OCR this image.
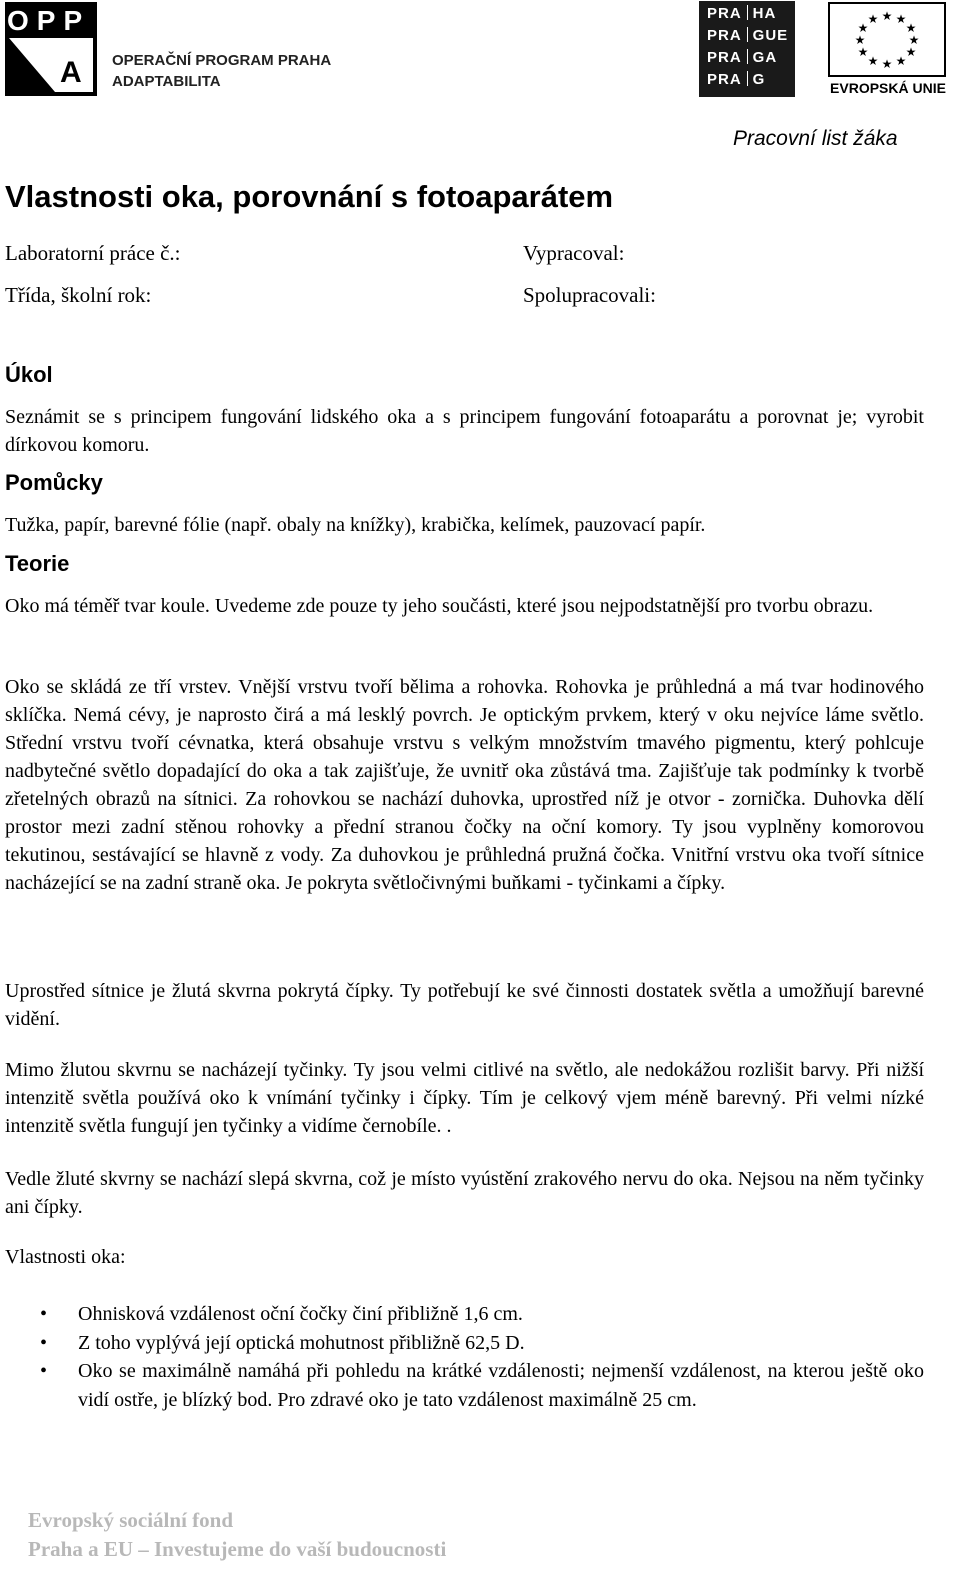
OPP
A OPERAČNÍ PROGRAM PRAHA
ADAPTABILITA
PRA HA
PRA GUE
PRA GA
PRA G
★ ★
★
★
★
★
★
★
★
★
★
★
EVROPSKÁ UNIE
Pracovní list žáka
Vlastnosti oka, porovnání s fotoaparátem
Laboratorní práce č.:
Třída, školní rok:
Vypracoval:
Spolupracovali:
Úkol
Seznámit se s principem fungování lidského oka a s principem fungování fotoaparátu a porovnat je; vyrobit dírkovou komoru.
Pomůcky
Tužka, papír, barevné fólie (např. obaly na knížky), krabička, kelímek, pauzovací papír.
Teorie
Oko má téměř tvar koule. Uvedeme zde pouze ty jeho součásti, které jsou nejpodstatnější pro tvorbu obrazu.
Oko se skládá ze tří vrstev. Vnější vrstvu tvoří bělima a rohovka. Rohovka je průhledná a má tvar hodinového sklíčka. Nemá cévy, je naprosto čirá a má lesklý povrch. Je optickým prvkem, který v oku nejvíce láme světlo. Střední vrstvu tvoří cévnatka, která obsahuje vrstvu s velkým množstvím tmavého pigmentu, který pohlcuje nadbytečné světlo dopadající do oka a tak zajišťuje, že uvnitř oka zůstává tma. Zajišťuje tak podmínky k tvorbě zřetelných obrazů na sítnici. Za rohovkou se nachází duhovka, uprostřed níž je otvor - zornička. Duhovka dělí prostor mezi zadní stěnou rohovky a přední stranou čočky na oční komory. Ty jsou vyplněny komorovou tekutinou, sestávající se hlavně z vody. Za duhovkou je průhledná pružná čočka. Vnitřní vrstvu oka tvoří sítnice nacházející se na zadní straně oka. Je pokryta světločivnými buňkami - tyčinkami a čípky.
Uprostřed sítnice je žlutá skvrna pokrytá čípky. Ty potřebují ke své činnosti dostatek světla a umožňují barevné vidění.
Mimo žlutou skvrnu se nacházejí tyčinky. Ty jsou velmi citlivé na světlo, ale nedokážou rozlišit barvy. Při nižší intenzitě světla používá oko k vnímání tyčinky i čípky. Tím je celkový vjem méně barevný. Při velmi nízké intenzitě světla fungují jen tyčinky a vidíme černobíle. .
Vedle žluté skvrny se nachází slepá skvrna, což je místo vyústění zrakového nervu do oka. Nejsou na něm tyčinky ani čípky.
Vlastnosti oka:
• Ohnisková vzdálenost oční čočky činí přibližně 1,6 cm.
• Z toho vyplývá její optická mohutnost přibližně 62,5 D.
• Oko se maximálně namáhá při pohledu na krátké vzdálenosti; nejmenší vzdálenost, na kterou ještě oko vidí ostře, je blízký bod. Pro zdravé oko je tato vzdálenost maximálně 25 cm.
Evropský sociální fond
Praha a EU – Investujeme do vaší budoucnosti
